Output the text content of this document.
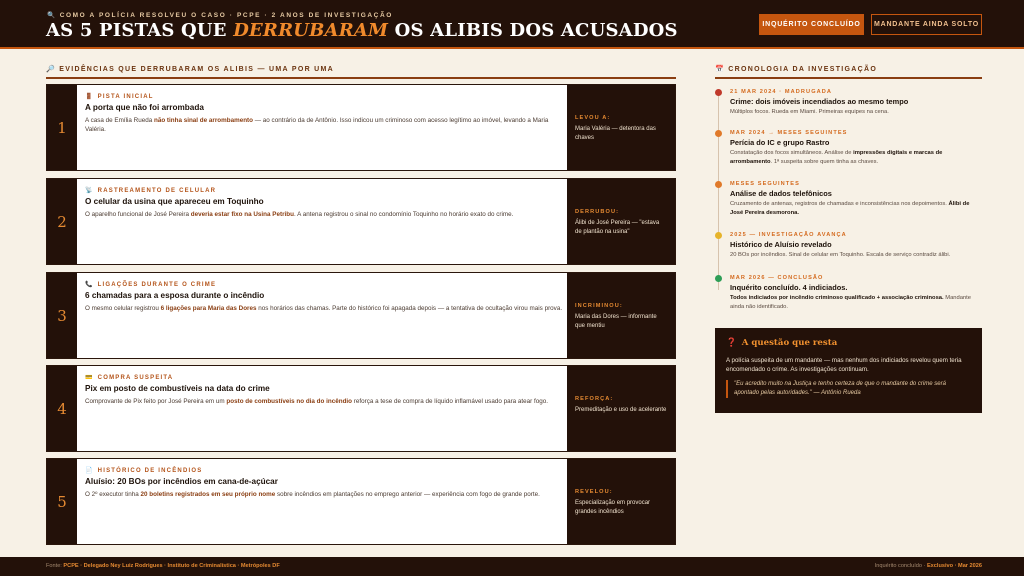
🔍 COMO A POLÍCIA RESOLVEU O CASO · PCPE · 2 ANOS DE INVESTIGAÇÃO
AS 5 PISTAS QUE DERRUBARAM OS ALIBIS DOS ACUSADOS	INQUÉRITO CONCLUÍDO	MANDANTE AINDA SOLTO
🔎 EVIDÊNCIAS QUE DERRUBARAM OS ALIBIS — UMA POR UMA
1
🚪 PISTA INICIAL
A porta que não foi arrombada
A casa de Emília Rueda não tinha sinal de arrombamento — ao contrário da de Antônio. Isso indicou um criminoso com acesso legítimo ao imóvel, levando a Maria Valéria.
LEVOU A:
Maria Valéria — detentora das chaves
2
📡 RASTREAMENTO DE CELULAR
O celular da usina que apareceu em Toquinho
O aparelho funcional de José Pereira deveria estar fixo na Usina Petribu. A antena registrou o sinal no condomínio Toquinho no horário exato do crime.	DERRUBOU:
Álibi de José Pereira — "estava de plantão na usina"
3
📞 LIGAÇÕES DURANTE O CRIME
6 chamadas para a esposa durante o incêndio
O mesmo celular registrou 6 ligações para Maria das Dores nos horários das chamas. Parte do histórico foi apagada depois — a tentativa de ocultação virou mais prova.	INCRIMINOU:
Maria das Dores — informante que mentiu
4
💳 COMPRA SUSPEITA
Pix em posto de combustíveis na data do crime
Comprovante de Pix feito por José Pereira em um posto de combustíveis no dia do incêndio reforça a tese de compra de líquido inflamável usado para atear fogo.	REFORÇA:
Premeditação e uso de acelerante
5
📄 HISTÓRICO DE INCÊNDIOS
Aluísio: 20 BOs por incêndios em cana-de-açúcar
O 2º executor tinha 20 boletins registrados em seu próprio nome sobre incêndios em plantações no emprego anterior — experiência com fogo de grande porte.	REVELOU:
Especialização em provocar grandes incêndios
📅 CRONOLOGIA DA INVESTIGAÇÃO
21 MAR 2024 · MADRUGADA
Crime: dois imóveis incendiados ao mesmo tempo
Múltiplos focos. Rueda em Miami. Primeiras equipes na cena.
MAR 2024 → MESES SEGUINTES
Perícia do IC e grupo Rastro
Constatação dos focos simultâneos. Análise de impressões digitais e marcas de arrombamento. 1ª suspeita sobre quem tinha as chaves.
MESES SEGUINTES
Análise de dados telefônicos
Cruzamento de antenas, registros de chamadas e inconsistências nos depoimentos. Álibi de José Pereira desmorona.
2025 — INVESTIGAÇÃO AVANÇA
Histórico de Aluísio revelado
20 BOs por incêndios. Sinal de celular em Toquinho. Escala de serviço contradiz álibi.
MAR 2026 — CONCLUSÃO
Inquérito concluído. 4 indiciados.
Todos indiciados por incêndio criminoso qualificado + associação criminosa. Mandante ainda não identificado.
❓ A questão que resta
A polícia suspeita de um mandante — mas nenhum dos indiciados revelou quem teria encomendado o crime. As investigações continuam.
"Eu acredito muito na Justiça e tenho certeza de que o mandante do crime será apontado pelas autoridades." — Antônio Rueda
Fonte: PCPE · Delegado Ney Luiz Rodrigues · Instituto de Criminalística · Metrópoles DF	Inquérito concluído · Exclusivo · Mar 2026
